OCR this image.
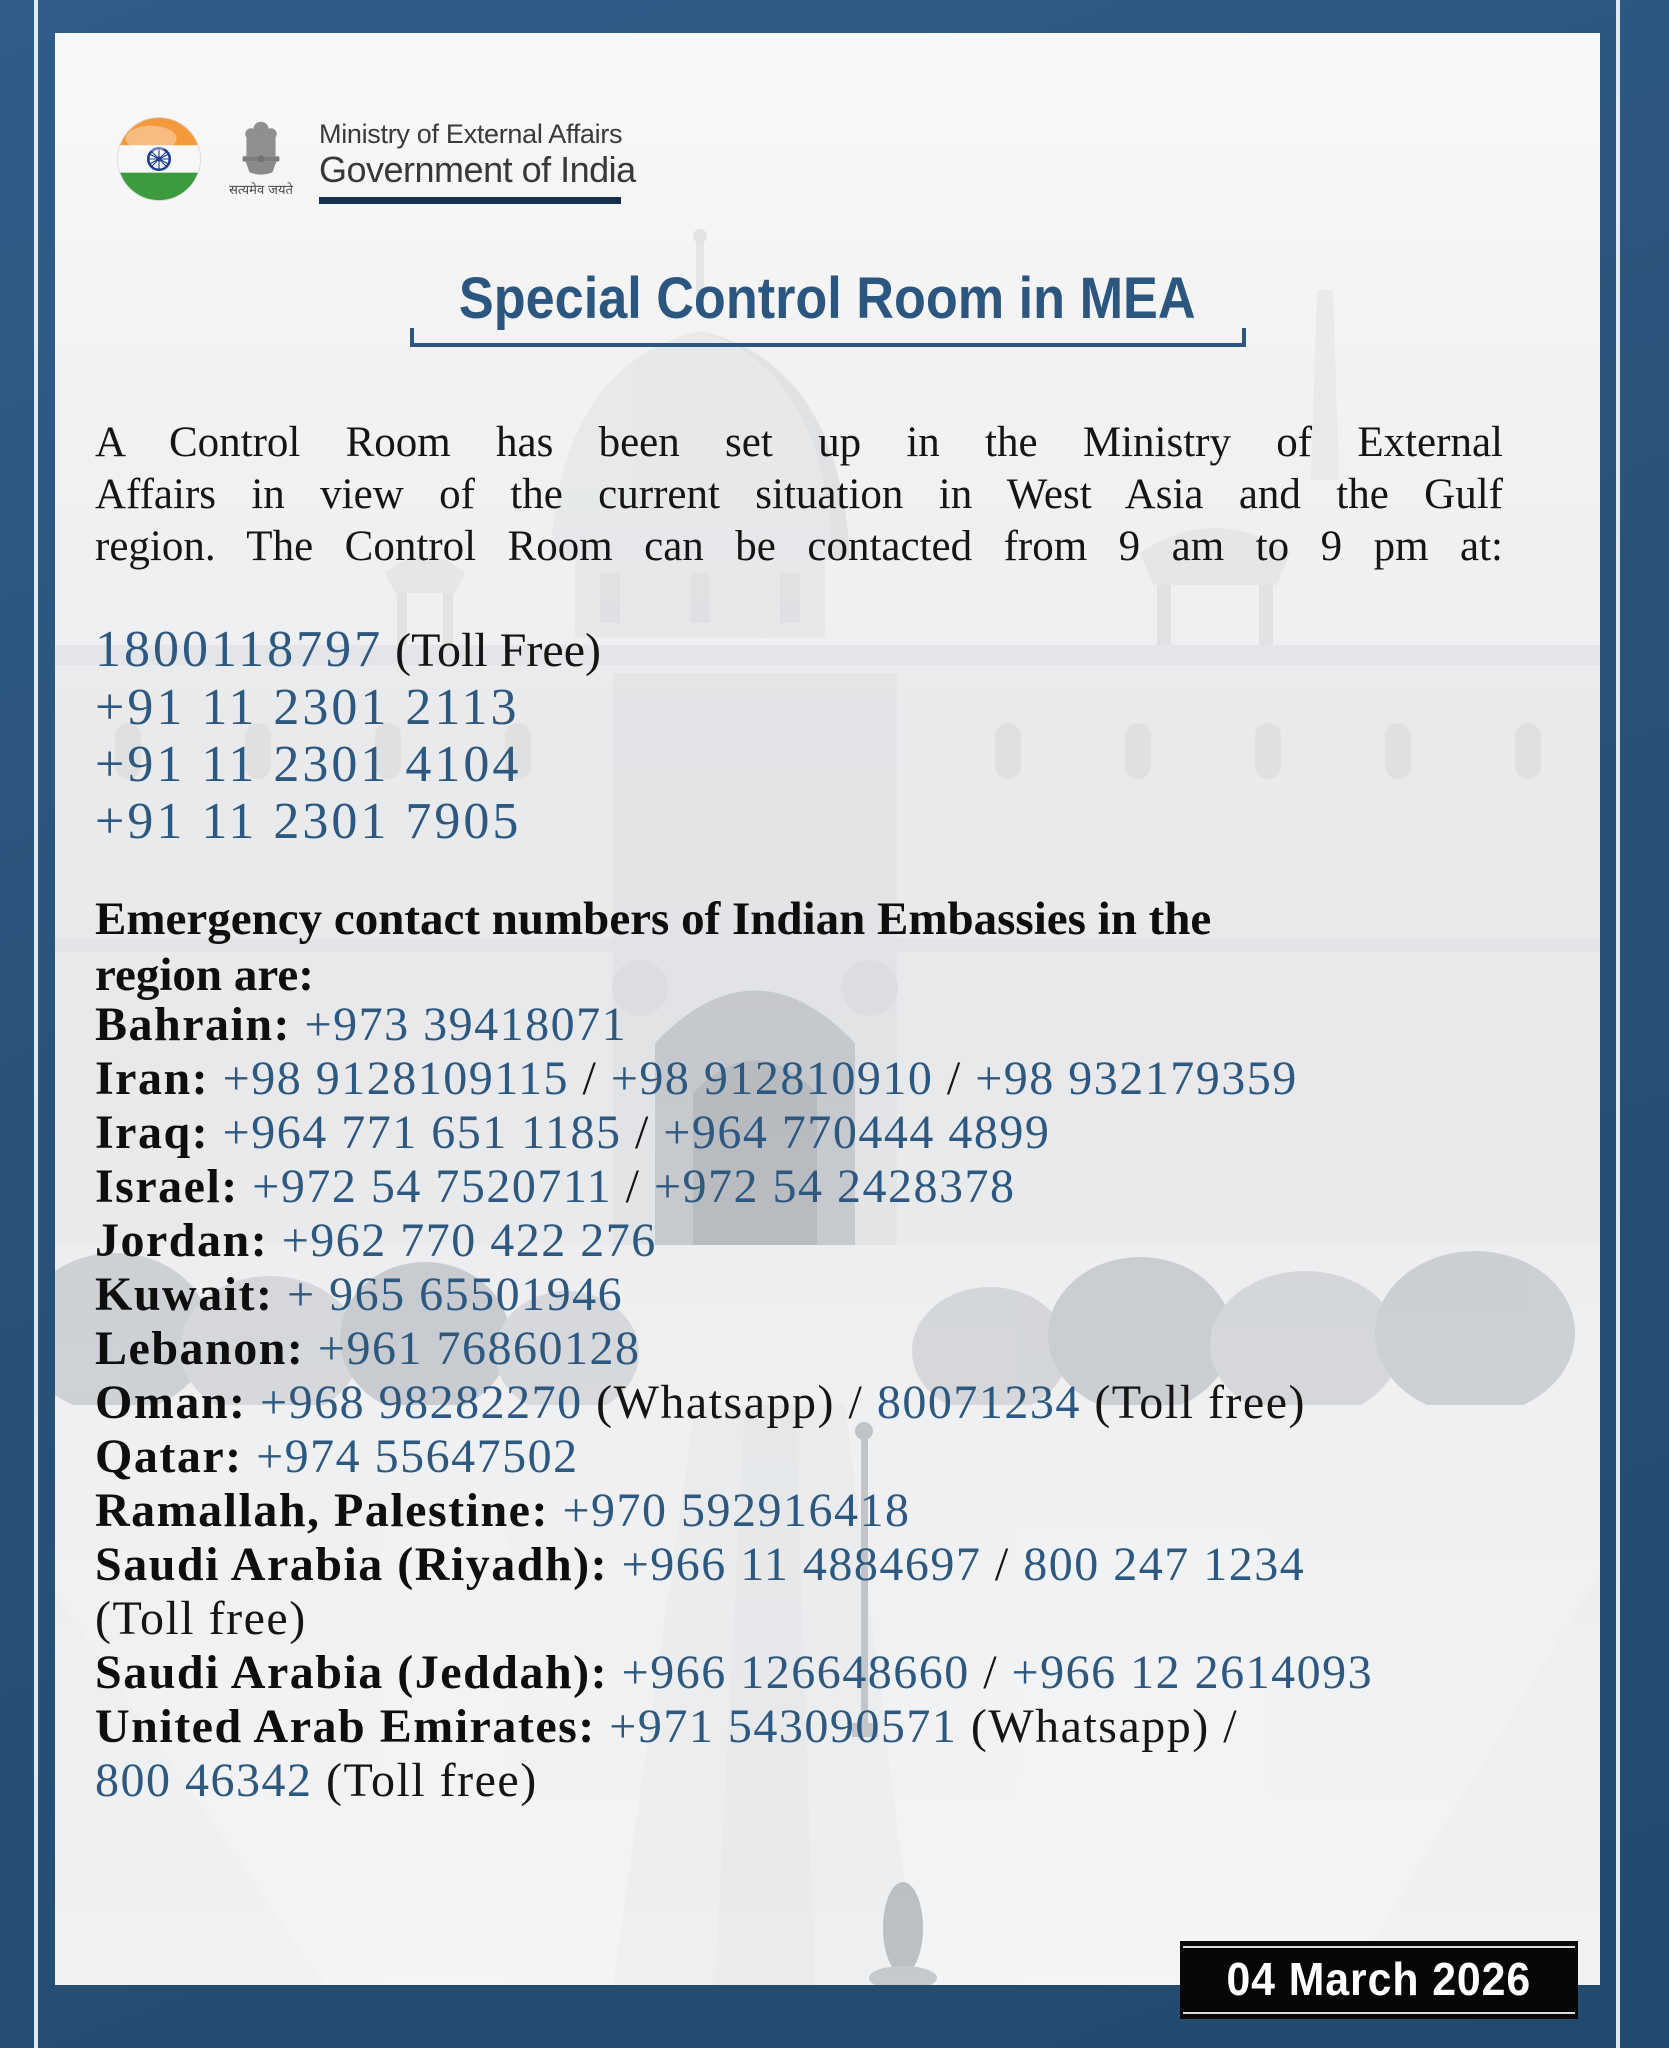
सत्यमेव जयते
Ministry of External Affairs
Government of India
Special Control Room in MEA
A Control Room has been set up in the Ministry of External
Affairs in view of the current situation in West Asia and the Gulf
region. The Control Room can be contacted from 9 am to 9 pm at:
1800118797 (Toll Free)
+91 11 2301 2113
+91 11 2301 4104
+91 11 2301 7905
Emergency contact numbers of Indian Embassies in the
region are:
Bahrain: +973 39418071
Iran: +98 9128109115 / +98 912810910 / +98 932179359
Iraq: +964 771 651 1185 / +964 770444 4899
Israel: +972 54 7520711 / +972 54 2428378
Jordan: +962 770 422 276
Kuwait: + 965 65501946
Lebanon: +961 76860128
Oman: +968 98282270 (Whatsapp) / 80071234 (Toll free)
Qatar: +974 55647502
Ramallah, Palestine: +970 592916418
Saudi Arabia (Riyadh): +966 11 4884697 / 800 247 1234
(Toll free)
Saudi Arabia (Jeddah): +966 126648660 / +966 12 2614093
United Arab Emirates: +971 543090571 (Whatsapp) /
800 46342 (Toll free)
04 March 2026
